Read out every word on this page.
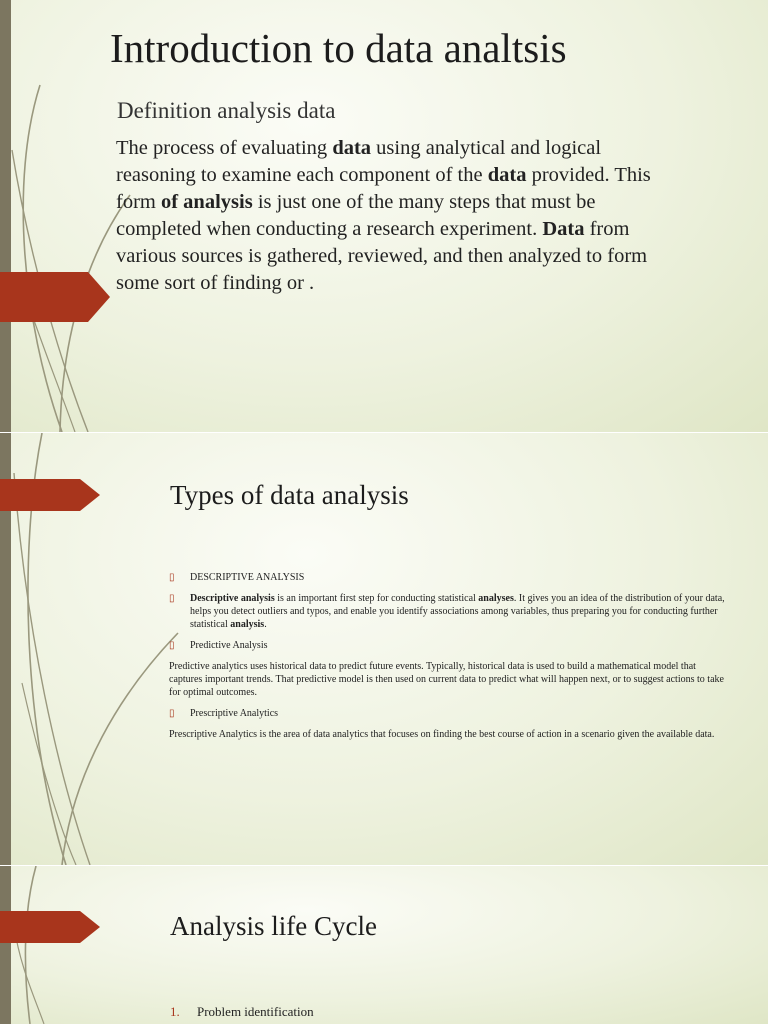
Introduction to data analtsis
Definition analysis data
The process of evaluating data using analytical and logical reasoning to examine each component of the data provided. This form of analysis is just one of the many steps that must be completed when conducting a research experiment. Data from various sources is gathered, reviewed, and then analyzed to form some sort of finding or .
Types of data analysis
▯ DESCRIPTIVE ANALYSIS
▯ Descriptive analysis is an important first step for conducting statistical analyses. It gives you an idea of the distribution of your data, helps you detect outliers and typos, and enable you identify associations among variables, thus preparing you for conducting further statistical analysis.
▯ Predictive Analysis

Predictive analytics uses historical data to predict future events. Typically, historical data is used to build a mathematical model that captures important trends. That predictive model is then used on current data to predict what will happen next, or to suggest actions to take for optimal outcomes.

▯ Prescriptive Analytics

Prescriptive Analytics is the area of data analytics that focuses on finding the best course of action in a scenario given the available data.

Analysis life Cycle
1. Problem identification
